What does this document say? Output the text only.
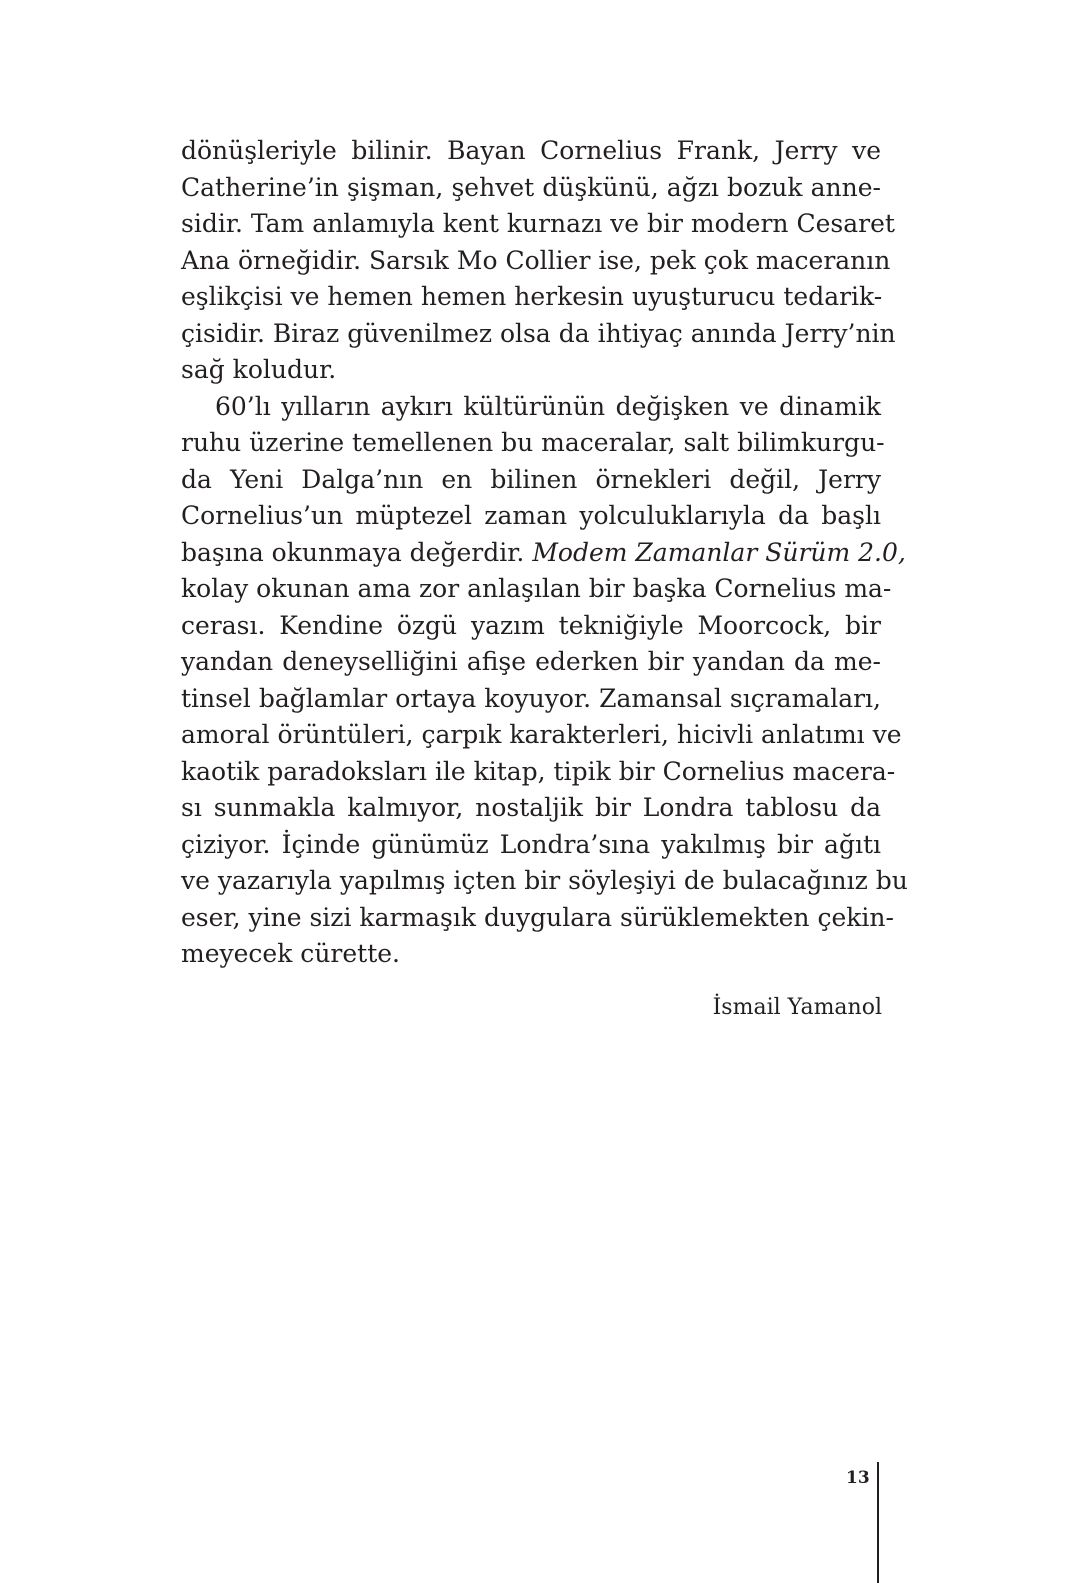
dönüşleriyle bilinir. Bayan Cornelius Frank, Jerry ve
Catherine’in şişman, şehvet düşkünü, ağzı bozuk anne-
sidir. Tam anlamıyla kent kurnazı ve bir modern Cesaret
Ana örneğidir. Sarsık Mo Collier ise, pek çok maceranın
eşlikçisi ve hemen hemen herkesin uyuşturucu tedarik-
çisidir. Biraz güvenilmez olsa da ihtiyaç anında Jerry’nin
sağ koludur.
60’lı yılların aykırı kültürünün değişken ve dinamik
ruhu üzerine temellenen bu maceralar, salt bilimkurgu-
da Yeni Dalga’nın en bilinen örnekleri değil, Jerry
Cornelius’un müptezel zaman yolculuklarıyla da başlı
başına okunmaya değerdir. Modem Zamanlar Sürüm 2.0,
kolay okunan ama zor anlaşılan bir başka Cornelius ma-
cerası. Kendine özgü yazım tekniğiyle Moorcock, bir
yandan deneyselliğini afişe ederken bir yandan da me-
tinsel bağlamlar ortaya koyuyor. Zamansal sıçramaları,
amoral örüntüleri, çarpık karakterleri, hicivli anlatımı ve
kaotik paradoksları ile kitap, tipik bir Cornelius macera-
sı sunmakla kalmıyor, nostaljik bir Londra tablosu da
çiziyor. İçinde günümüz Londra’sına yakılmış bir ağıtı
ve yazarıyla yapılmış içten bir söyleşiyi de bulacağınız bu
eser, yine sizi karmaşık duygulara sürüklemekten çekin-
meyecek cürette.
İsmail Yamanol
13
